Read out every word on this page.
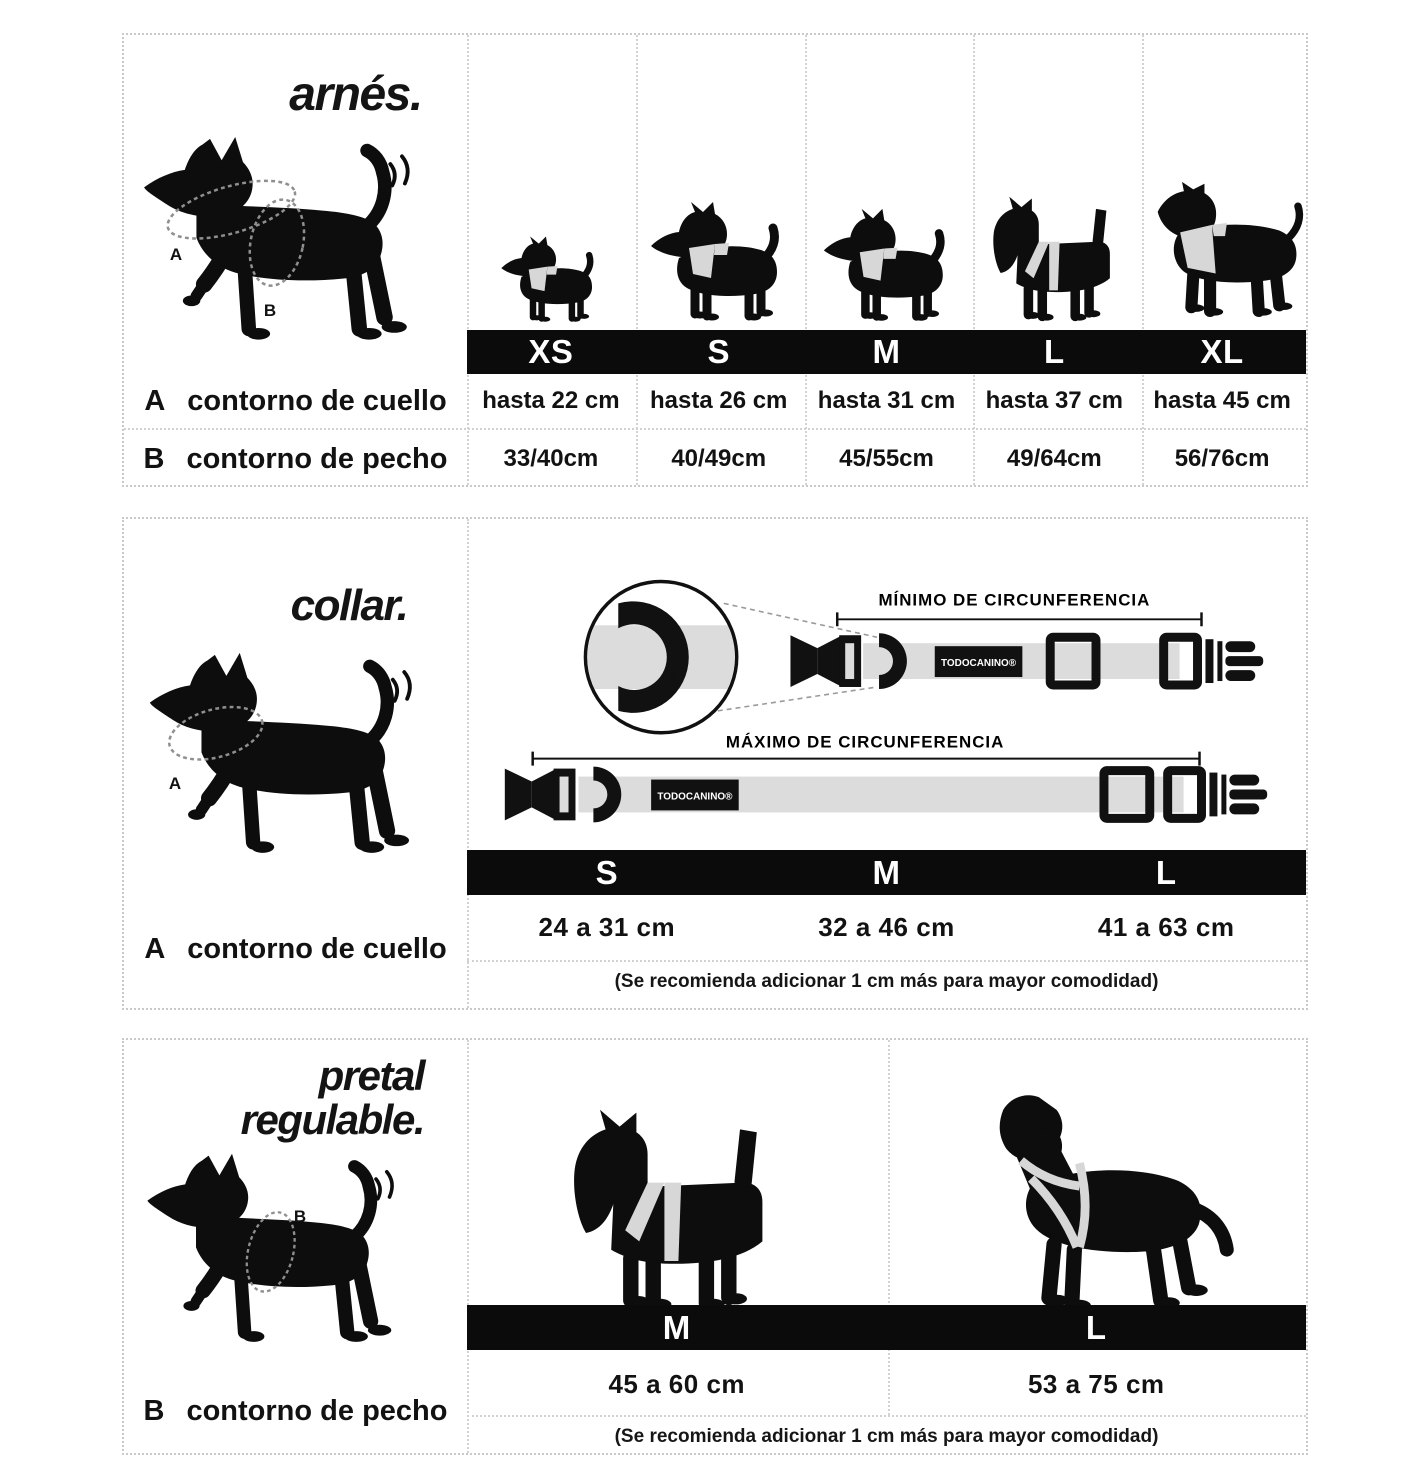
arnés.
A
B
XS	S	M	L	XL
A contorno de cuello	hasta 22 cm	hasta 26 cm	hasta 31 cm	hasta 37 cm	hasta 45 cm
B contorno de pecho	33/40cm	40/49cm	45/55cm	49/64cm	56/76cm
collar.
A
TODO CANINO
MÍNIMO DE CIRCUNFERENCIA
TODOCANINO®
MÁXIMO DE CIRCUNFERENCIA
TODOCANINO®
S	M	L
24 a 31 cm	32 a 46 cm	41 a 63 cm
(Se recomienda adicionar 1 cm más para mayor comodidad)
A contorno de cuello
pretal
regulable.
B
M	L
45 a 60 cm	53 a 75 cm
(Se recomienda adicionar 1 cm más para mayor comodidad)
B contorno de pecho
